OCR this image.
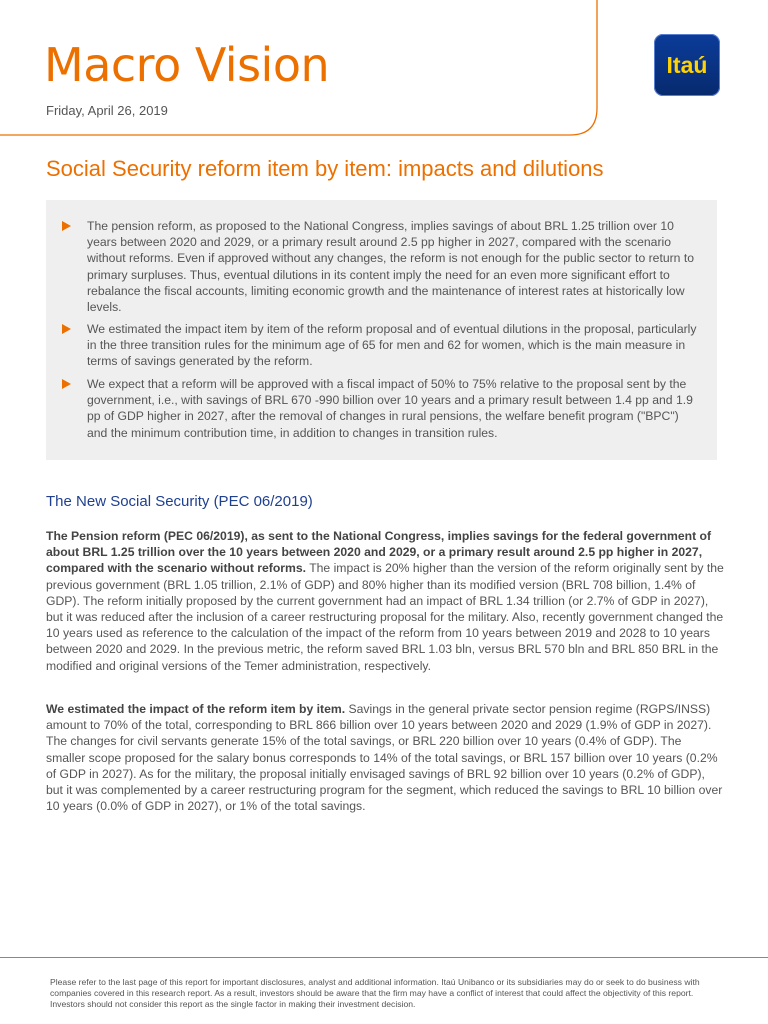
Macro Vision
Friday, April 26, 2019
Itaú
Social Security reform item by item: impacts and dilutions

The pension reform, as proposed to the National Congress, implies savings of about BRL 1.25 trillion over 10 years between 2020 and 2029, or a primary result around 2.5 pp higher in 2027, compared with the scenario without reforms. Even if approved without any changes, the reform is not enough for the public sector to return to primary surpluses. Thus, eventual dilutions in its content imply the need for an even more significant effort to rebalance the fiscal accounts, limiting economic growth and the maintenance of interest rates at historically low levels.

We estimated the impact item by item of the reform proposal and of eventual dilutions in the proposal, particularly in the three transition rules for the minimum age of 65 for men and 62 for women, which is the main measure in terms of savings generated by the reform.

We expect that a reform will be approved with a fiscal impact of 50% to 75% relative to the proposal sent by the government, i.e., with savings of BRL 670 -990 billion over 10 years and a primary result between 1.4 pp and 1.9 pp of GDP higher in 2027, after the removal of changes in rural pensions, the welfare benefit program ("BPC") and the minimum contribution time, in addition to changes in transition rules.

The New Social Security (PEC 06/2019)

The Pension reform (PEC 06/2019), as sent to the National Congress, implies savings for the federal government of about BRL 1.25 trillion over the 10 years between 2020 and 2029, or a primary result around 2.5 pp higher in 2027, compared with the scenario without reforms. The impact is 20% higher than the version of the reform originally sent by the previous government (BRL 1.05 trillion, 2.1% of GDP) and 80% higher than its modified version (BRL 708 billion, 1.4% of GDP). The reform initially proposed by the current government had an impact of BRL 1.34 trillion (or 2.7% of GDP in 2027), but it was reduced after the inclusion of a career restructuring proposal for the military. Also, recently government changed the 10 years used as reference to the calculation of the impact of the reform from 10 years between 2019 and 2028 to 10 years between 2020 and 2029. In the previous metric, the reform saved BRL 1.03 bln, versus BRL 570 bln and BRL 850 BRL in the modified and original versions of the Temer administration, respectively.

We estimated the impact of the reform item by item. Savings in the general private sector pension regime (RGPS/INSS) amount to 70% of the total, corresponding to BRL 866 billion over 10 years between 2020 and 2029 (1.9% of GDP in 2027). The changes for civil servants generate 15% of the total savings, or BRL 220 billion over 10 years (0.4% of GDP). The smaller scope proposed for the salary bonus corresponds to 14% of the total savings, or BRL 157 billion over 10 years (0.2% of GDP in 2027). As for the military, the proposal initially envisaged savings of BRL 92 billion over 10 years (0.2% of GDP), but it was complemented by a career restructuring program for the segment, which reduced the savings to BRL 10 billion over 10 years (0.0% of GDP in 2027), or 1% of the total savings.

Please refer to the last page of this report for important disclosures, analyst and additional information. Itaú Unibanco or its subsidiaries may do or seek to do business with companies covered in this research report. As a result, investors should be aware that the firm may have a conflict of interest that could affect the objectivity of this report. Investors should not consider this report as the single factor in making their investment decision.
